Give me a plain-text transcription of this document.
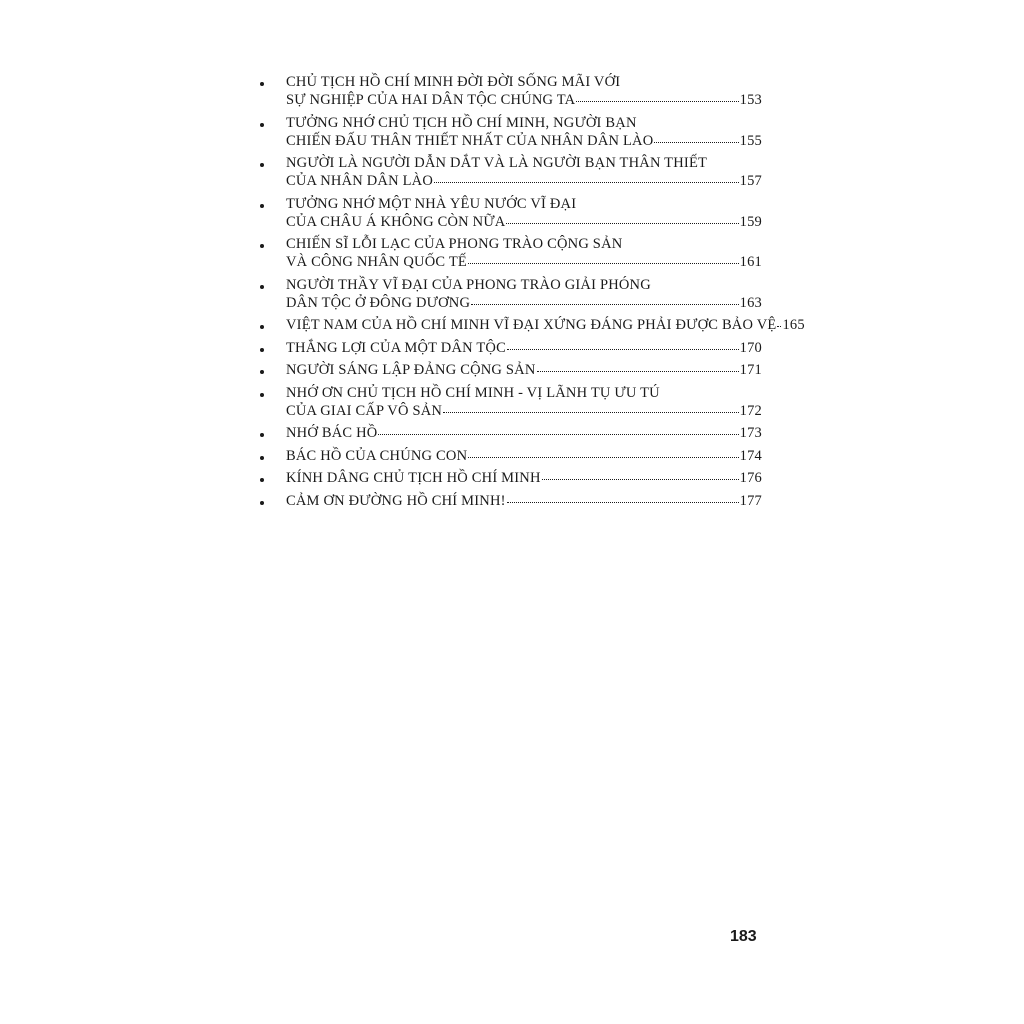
CHỦ TỊCH HỒ CHÍ MINH ĐỜI ĐỜI SỐNG MÃI VỚI
SỰ NGHIỆP CỦA HAI DÂN TỘC CHÚNG TA	153
TƯỞNG NHỚ CHỦ TỊCH HỒ CHÍ MINH, NGƯỜI BẠN
CHIẾN ĐẤU THÂN THIẾT NHẤT CỦA NHÂN DÂN LÀO	155
NGƯỜI LÀ NGƯỜI DẪN DẮT VÀ LÀ NGƯỜI BẠN THÂN THIẾT
CỦA NHÂN DÂN LÀO	157
TƯỞNG NHỚ MỘT NHÀ YÊU NƯỚC VĨ ĐẠI
CỦA CHÂU Á KHÔNG CÒN NỮA	159
CHIẾN SĨ LỖI LẠC CỦA PHONG TRÀO CỘNG SẢN
VÀ CÔNG NHÂN QUỐC TẾ	161
NGƯỜI THẦY VĨ ĐẠI CỦA PHONG TRÀO GIẢI PHÓNG
DÂN TỘC Ở ĐÔNG DƯƠNG	163
VIỆT NAM CỦA HỒ CHÍ MINH VĨ ĐẠI XỨNG ĐÁNG PHẢI ĐƯỢC BẢO VỆ 165
THẮNG LỢI CỦA MỘT DÂN TỘC	170
NGƯỜI SÁNG LẬP ĐẢNG CỘNG SẢN	171
NHỚ ƠN CHỦ TỊCH HỒ CHÍ MINH - VỊ LÃNH TỤ ƯU TÚ
CỦA GIAI CẤP VÔ SẢN	172
NHỚ BÁC HỒ	173
BÁC HỒ CỦA CHÚNG CON	174
KÍNH DÂNG CHỦ TỊCH HỒ CHÍ MINH	176
CẢM ƠN ĐƯỜNG HỒ CHÍ MINH!	177
183
